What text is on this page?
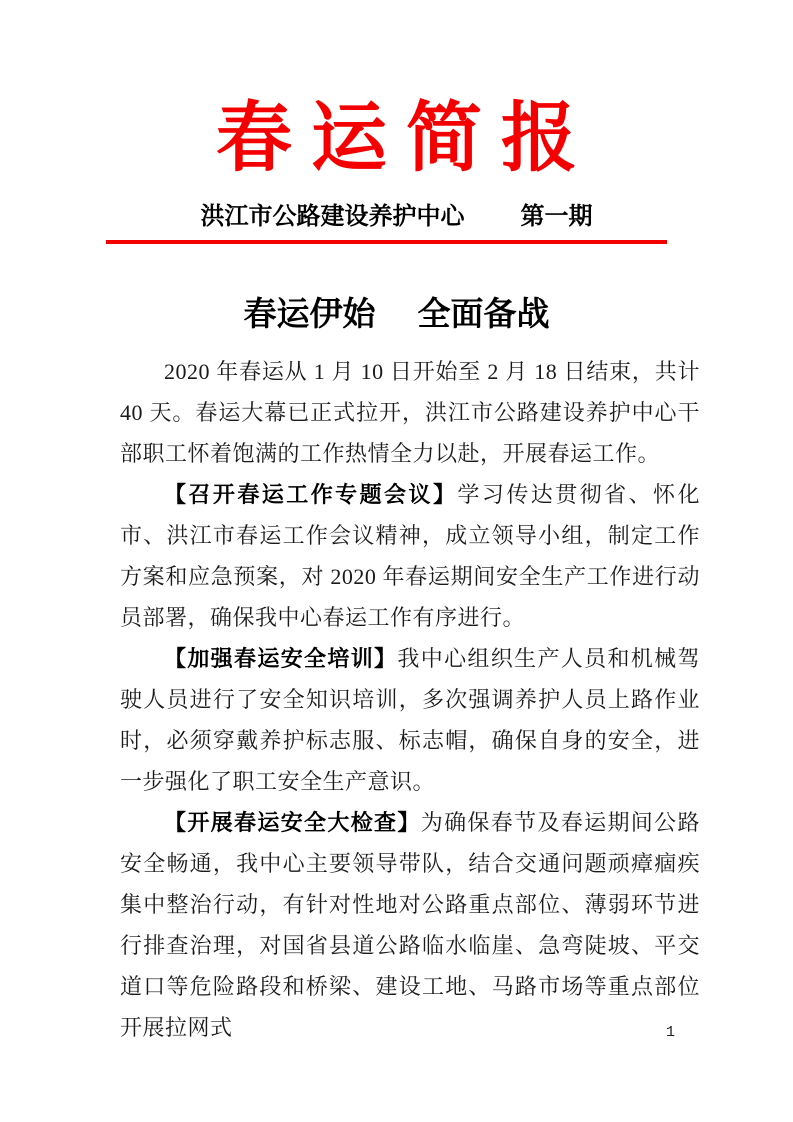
春 运 简 报
洪江市公路建设养护中心 第一期
春运伊始 全面备战

2020 年春运从 1 月 10 日开始至 2 月 18 日结束，共计 40 天。春运大幕已正式拉开，洪江市公路建设养护中心干部职工怀着饱满的工作热情全力以赴，开展春运工作。

【召开春运工作专题会议】学习传达贯彻省、怀化市、洪江市春运工作会议精神，成立领导小组，制定工作方案和应急预案，对 2020 年春运期间安全生产工作进行动员部署，确保我中心春运工作有序进行。

【加强春运安全培训】我中心组织生产人员和机械驾驶人员进行了安全知识培训，多次强调养护人员上路作业时，必须穿戴养护标志服、标志帽，确保自身的安全，进一步强化了职工安全生产意识。

【开展春运安全大检查】为确保春节及春运期间公路安全畅通，我中心主要领导带队，结合交通问题顽瘴痼疾集中整治行动，有针对性地对公路重点部位、薄弱环节进行排查治理，对国省县道公路临水临崖、急弯陡坡、平交道口等危险路段和桥梁、建设工地、马路市场等重点部位开展拉网式	1
